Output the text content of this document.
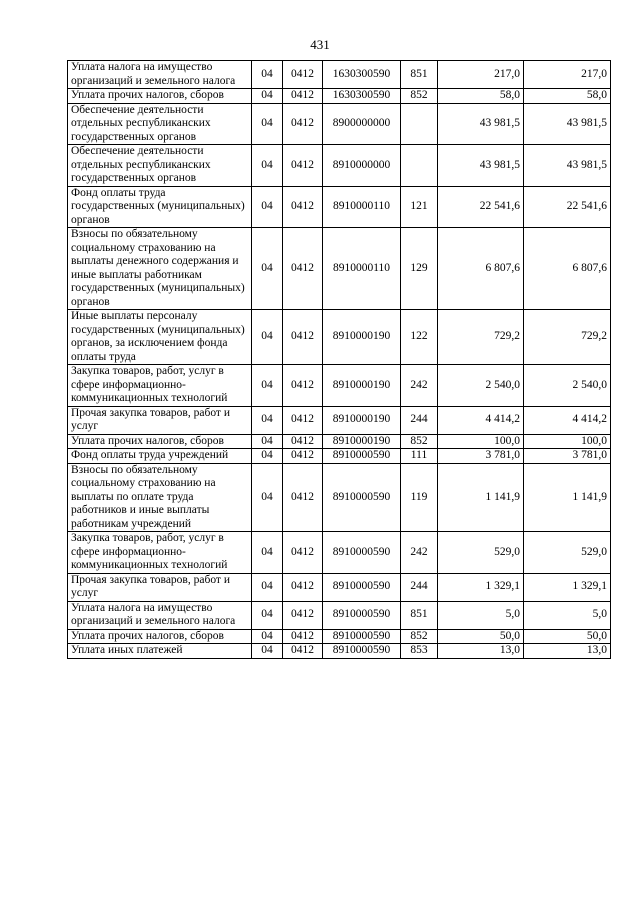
431
Уплата налога на имущество организаций и земельного налога	04	0412	1630300590	851	217,0	217,0
Уплата прочих налогов, сборов	04	0412	1630300590	852	58,0	58,0
Обеспечение деятельности отдельных республиканских государственных органов	04	0412	8900000000		43 981,5	43 981,5
Обеспечение деятельности отдельных республиканских государственных органов	04	0412	8910000000		43 981,5	43 981,5
Фонд оплаты труда государственных (муниципальных) органов	04	0412	8910000110	121	22 541,6	22 541,6
Взносы по обязательному социальному страхованию на выплаты денежного содержания и иные выплаты работникам государственных (муниципальных) органов	04	0412	8910000110	129	6 807,6	6 807,6
Иные выплаты персоналу государственных (муниципальных) органов, за исключением фонда оплаты труда	04	0412	8910000190	122	729,2	729,2
Закупка товаров, работ, услуг в сфере информационно-коммуникационных технологий	04	0412	8910000190	242	2 540,0	2 540,0
Прочая закупка товаров, работ и услуг	04	0412	8910000190	244	4 414,2	4 414,2
Уплата прочих налогов, сборов	04	0412	8910000190	852	100,0	100,0
Фонд оплаты труда учреждений	04	0412	8910000590	111	3 781,0	3 781,0
Взносы по обязательному социальному страхованию на выплаты по оплате труда работников и иные выплаты работникам учреждений	04	0412	8910000590	119	1 141,9	1 141,9
Закупка товаров, работ, услуг в сфере информационно-коммуникационных технологий	04	0412	8910000590	242	529,0	529,0
Прочая закупка товаров, работ и услуг	04	0412	8910000590	244	1 329,1	1 329,1
Уплата налога на имущество организаций и земельного налога	04	0412	8910000590	851	5,0	5,0
Уплата прочих налогов, сборов	04	0412	8910000590	852	50,0	50,0
Уплата иных платежей	04	0412	8910000590	853	13,0	13,0
